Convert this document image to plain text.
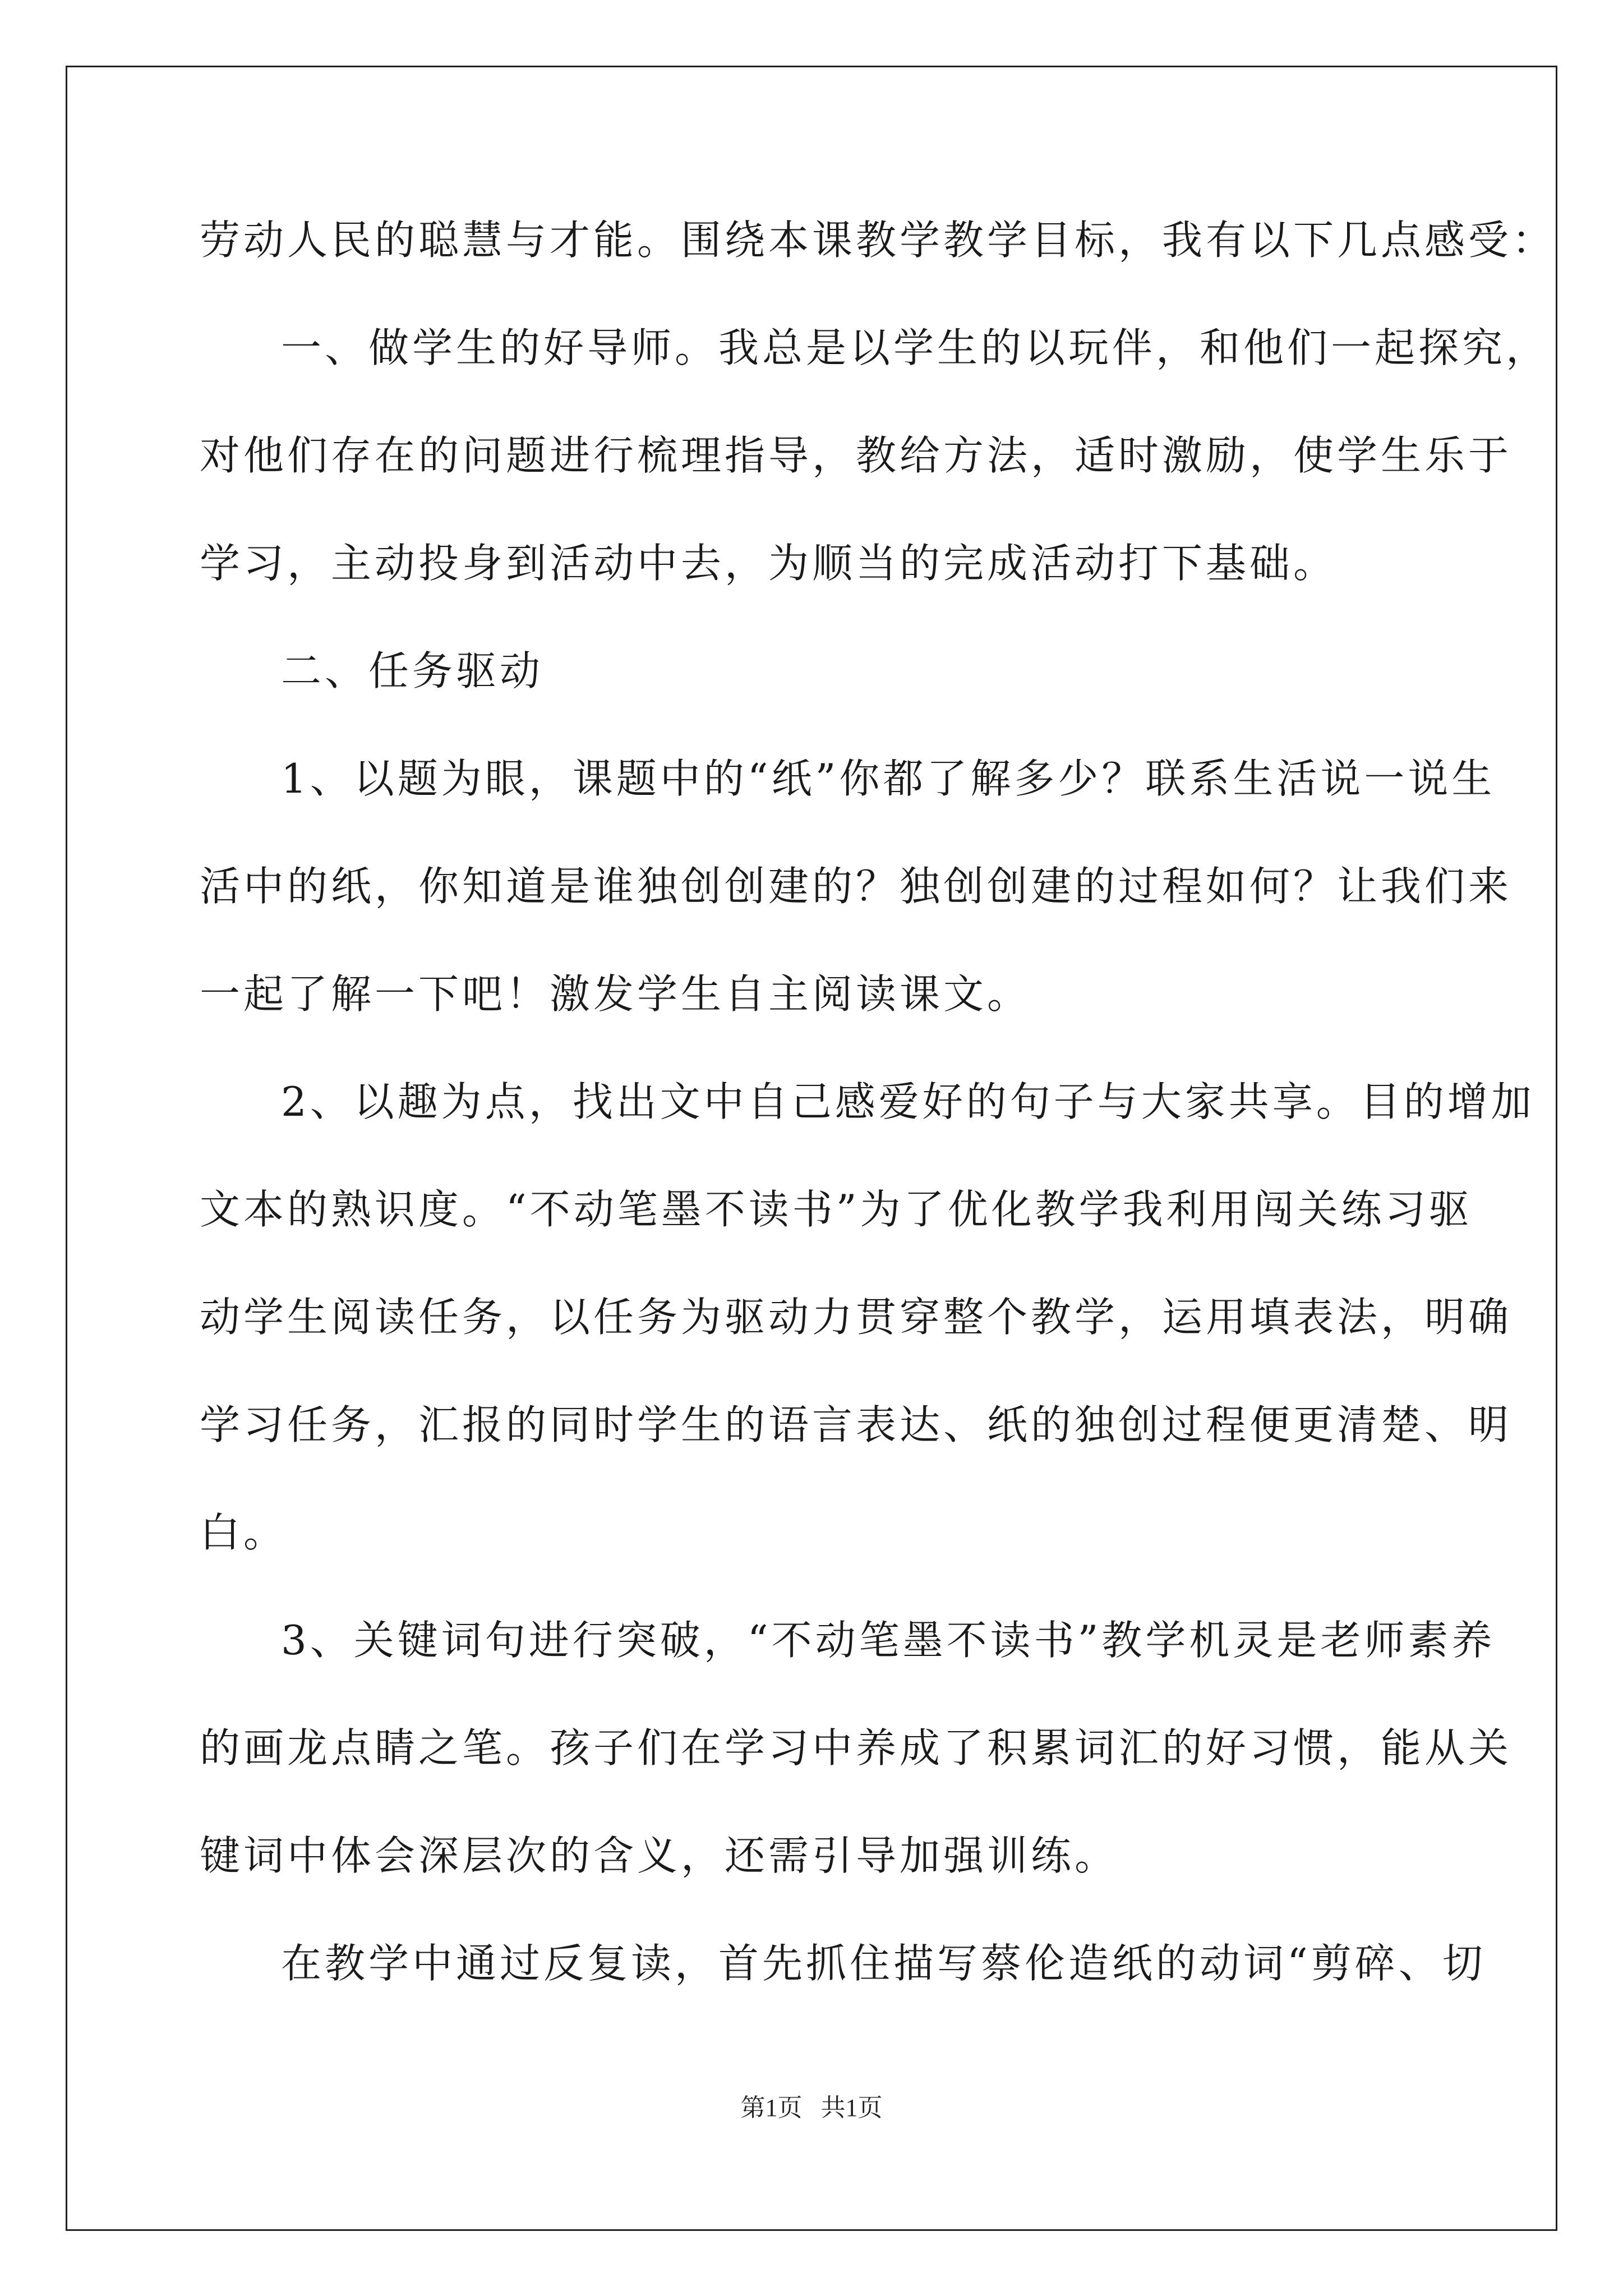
劳动人民的聪慧与才能。围绕本课教学教学目标，我有以下几点感受：
一、做学生的好导师。我总是以学生的以玩伴，和他们一起探究，
对他们存在的问题进行梳理指导，教给方法，适时激励，使学生乐于
学习，主动投身到活动中去，为顺当的完成活动打下基础。
二、任务驱动
1、以题为眼，课题中的“纸”你都了解多少？联系生活说一说生
活中的纸，你知道是谁独创创建的？独创创建的过程如何？让我们来
一起了解一下吧！激发学生自主阅读课文。
2、以趣为点，找出文中自己感爱好的句子与大家共享。目的增加
文本的熟识度。“不动笔墨不读书”为了优化教学我利用闯关练习驱
动学生阅读任务，以任务为驱动力贯穿整个教学，运用填表法，明确
学习任务，汇报的同时学生的语言表达、纸的独创过程便更清楚、明
白。
3、关键词句进行突破，“不动笔墨不读书”教学机灵是老师素养
的画龙点睛之笔。孩子们在学习中养成了积累词汇的好习惯，能从关
键词中体会深层次的含义，还需引导加强训练。
在教学中通过反复读，首先抓住描写蔡伦造纸的动词“剪碎、切
第1页   共1页
